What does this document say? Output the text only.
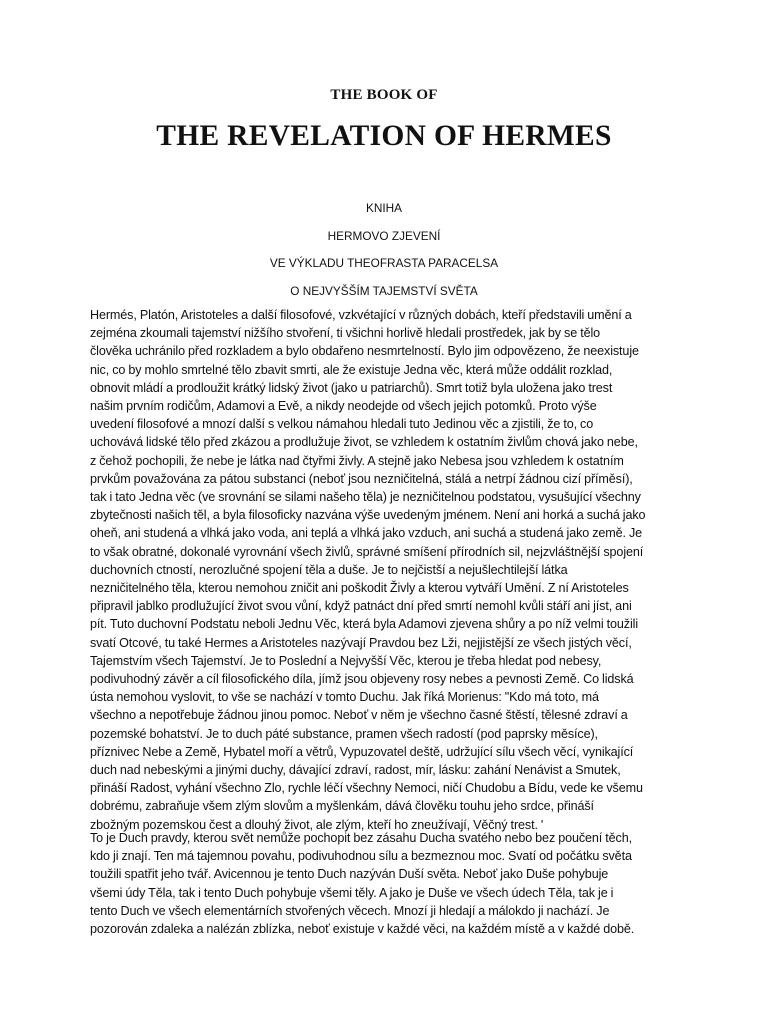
THE BOOK OF
THE REVELATION OF HERMES
KNIHA
HERMOVO ZJEVENÍ
VE VÝKLADU THEOFRASTA PARACELSA
O NEJVYŠŠÍM TAJEMSTVÍ SVĚTA

Hermés, Platón, Aristoteles a další filosofové, vzkvétající v různých dobách, kteří představili umění a
zejména zkoumali tajemství nižšího stvoření, ti všichni horlivě hledali prostředek, jak by se tělo
člověka uchránilo před rozkladem a bylo obdařeno nesmrtelností. Bylo jim odpovězeno, že neexistuje
nic, co by mohlo smrtelné tělo zbavit smrti, ale že existuje Jedna věc, která může oddálit rozklad,
obnovit mládí a prodloužit krátký lidský život (jako u patriarchů). Smrt totiž byla uložena jako trest
našim prvním rodičům, Adamovi a Evě, a nikdy neodejde od všech jejich potomků. Proto výše
uvedení filosofové a mnozí další s velkou námahou hledali tuto Jedinou věc a zjistili, že to, co
uchovává lidské tělo před zkázou a prodlužuje život, se vzhledem k ostatním živlům chová jako nebe,
z čehož pochopili, že nebe je látka nad čtyřmi živly. A stejně jako Nebesa jsou vzhledem k ostatním
prvkům považována za pátou substanci (neboť jsou nezničitelná, stálá a netrpí žádnou cizí příměsí),
tak i tato Jedna věc (ve srovnání se silami našeho těla) je nezničitelnou podstatou, vysušující všechny
zbytečnosti našich těl, a byla filosoficky nazvána výše uvedeným jménem. Není ani horká a suchá jako
oheň, ani studená a vlhká jako voda, ani teplá a vlhká jako vzduch, ani suchá a studená jako země. Je
to však obratné, dokonalé vyrovnání všech živlů, správné smíšení přírodních sil, nejzvláštnější spojení
duchovních ctností, nerozlučné spojení těla a duše. Je to nejčistší a nejušlechtilejší látka
nezničitelného těla, kterou nemohou zničit ani poškodit Živly a kterou vytváří Umění. Z ní Aristoteles
připravil jablko prodlužující život svou vůní, když patnáct dní před smrtí nemohl kvůli stáří ani jíst, ani
pít. Tuto duchovní Podstatu neboli Jednu Věc, která byla Adamovi zjevena shůry a po níž velmi toužili
svatí Otcové, tu také Hermes a Aristoteles nazývají Pravdou bez Lži, nejjistější ze všech jistých věcí,
Tajemstvím všech Tajemství. Je to Poslední a Nejvyšší Věc, kterou je třeba hledat pod nebesy,
podivuhodný závěr a cíl filosofického díla, jímž jsou objeveny rosy nebes a pevnosti Země. Co lidská
ústa nemohou vyslovit, to vše se nachází v tomto Duchu. Jak říká Morienus: "Kdo má toto, má
všechno a nepotřebuje žádnou jinou pomoc. Neboť v něm je všechno časné štěstí, tělesné zdraví a
pozemské bohatství. Je to duch páté substance, pramen všech radostí (pod paprsky měsíce),
příznivec Nebe a Země, Hybatel moří a větrů, Vypuzovatel deště, udržující sílu všech věcí, vynikající
duch nad nebeskými a jinými duchy, dávající zdraví, radost, mír, lásku: zahání Nenávist a Smutek,
přináší Radost, vyhání všechno Zlo, rychle léčí všechny Nemoci, ničí Chudobu a Bídu, vede ke všemu
dobrému, zabraňuje všem zlým slovům a myšlenkám, dává člověku touhu jeho srdce, přináší
zbožným pozemskou čest a dlouhý život, ale zlým, kteří ho zneužívají, Věčný trest. '

To je Duch pravdy, kterou svět nemůže pochopit bez zásahu Ducha svatého nebo bez poučení těch,
kdo ji znají. Ten má tajemnou povahu, podivuhodnou sílu a bezmeznou moc. Svatí od počátku světa
toužili spatřit jeho tvář. Avicennou je tento Duch nazýván Duší světa. Neboť jako Duše pohybuje
všemi údy Těla, tak i tento Duch pohybuje všemi těly. A jako je Duše ve všech údech Těla, tak je i
tento Duch ve všech elementárních stvořených věcech. Mnozí ji hledají a málokdo ji nachází. Je
pozorován zdaleka a nalézán zblízka, neboť existuje v každé věci, na každém místě a v každé době.
